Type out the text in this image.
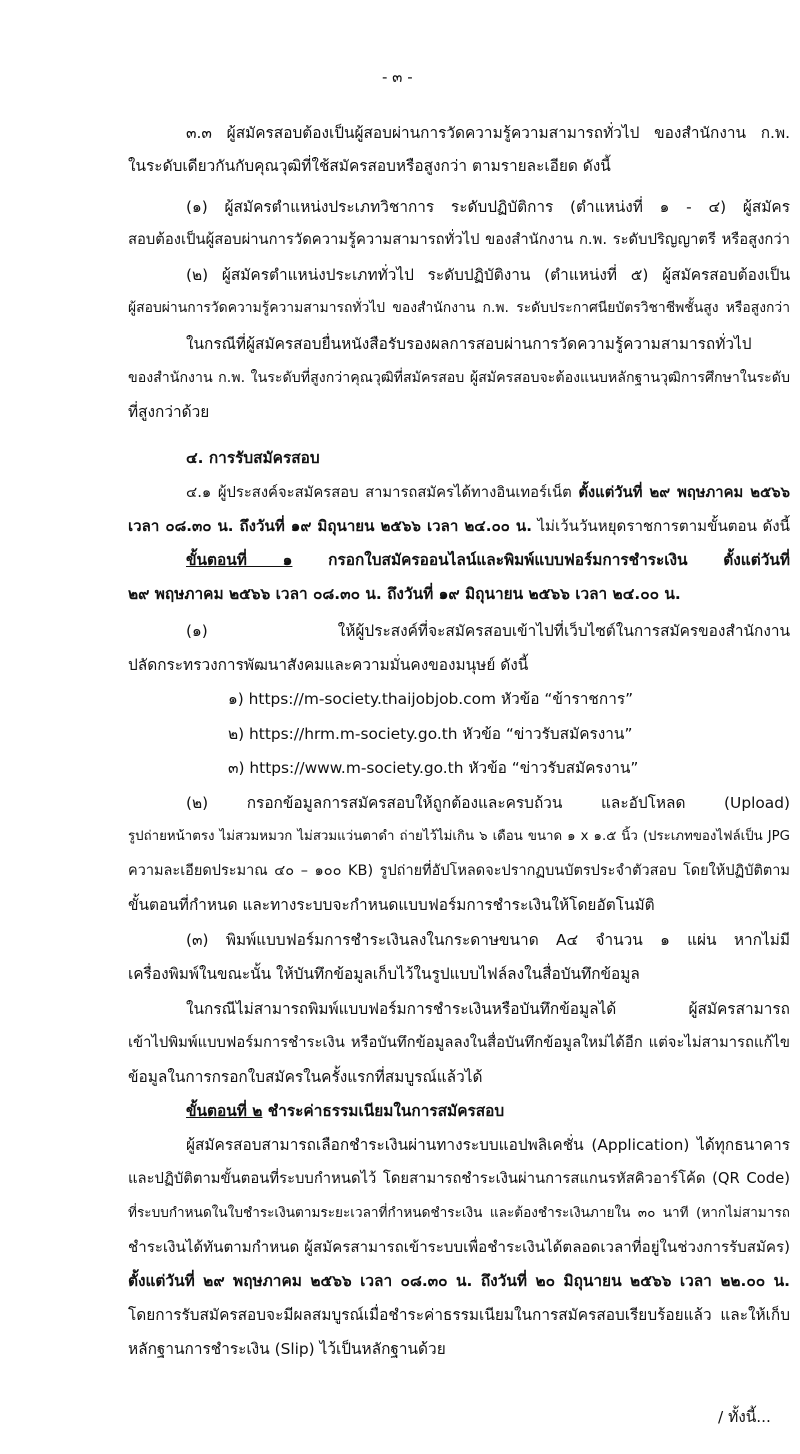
- ๓ -
๓.๓ ผู้สมัครสอบต้องเป็นผู้สอบผ่านการวัดความรู้ความสามารถทั่วไป ของสำนักงาน ก.พ.
ในระดับเดียวกันกับคุณวุฒิที่ใช้สมัครสอบหรือสูงกว่า ตามรายละเอียด ดังนี้
(๑) ผู้สมัครตำแหน่งประเภทวิชาการ ระดับปฏิบัติการ (ตำแหน่งที่ ๑ - ๔) ผู้สมัคร
สอบต้องเป็นผู้สอบผ่านการวัดความรู้ความสามารถทั่วไป ของสำนักงาน ก.พ. ระดับปริญญาตรี หรือสูงกว่า
(๒) ผู้สมัครตำแหน่งประเภททั่วไป ระดับปฏิบัติงาน (ตำแหน่งที่ ๕) ผู้สมัครสอบต้องเป็น
ผู้สอบผ่านการวัดความรู้ความสามารถทั่วไป ของสำนักงาน ก.พ. ระดับประกาศนียบัตรวิชาชีพชั้นสูง หรือสูงกว่า
ในกรณีที่ผู้สมัครสอบยื่นหนังสือรับรองผลการสอบผ่านการวัดความรู้ความสามารถทั่วไป
ของสำนักงาน ก.พ. ในระดับที่สูงกว่าคุณวุฒิที่สมัครสอบ ผู้สมัครสอบจะต้องแนบหลักฐานวุฒิการศึกษาในระดับ
ที่สูงกว่าด้วย
๔. การรับสมัครสอบ
๔.๑ ผู้ประสงค์จะสมัครสอบ สามารถสมัครได้ทางอินเทอร์เน็ต ตั้งแต่วันที่ ๒๙ พฤษภาคม ๒๕๖๖
เวลา ๐๘.๓๐ น. ถึงวันที่ ๑๙ มิถุนายน ๒๕๖๖ เวลา ๒๔.๐๐ น. ไม่เว้นวันหยุดราชการตามขั้นตอน ดังนี้
ขั้นตอนที่ ๑ กรอกใบสมัครออนไลน์และพิมพ์แบบฟอร์มการชำระเงิน ตั้งแต่วันที่
๒๙ พฤษภาคม ๒๕๖๖ เวลา ๐๘.๓๐ น. ถึงวันที่ ๑๙ มิถุนายน ๒๕๖๖ เวลา ๒๔.๐๐ น.
(๑) ให้ผู้ประสงค์ที่จะสมัครสอบเข้าไปที่เว็บไซต์ในการสมัครของสำนักงาน
ปลัดกระทรวงการพัฒนาสังคมและความมั่นคงของมนุษย์ ดังนี้
๑) https://m-society.thaijobjob.com หัวข้อ “ข้าราชการ”
๒) https://hrm.m-society.go.th หัวข้อ “ข่าวรับสมัครงาน”
๓) https://www.m-society.go.th หัวข้อ “ข่าวรับสมัครงาน”
(๒) กรอกข้อมูลการสมัครสอบให้ถูกต้องและครบถ้วน และอัปโหลด (Upload)
รูปถ่ายหน้าตรง ไม่สวมหมวก ไม่สวมแว่นตาดำ ถ่ายไว้ไม่เกิน ๖ เดือน ขนาด ๑ x ๑.๕ นิ้ว (ประเภทของไฟล์เป็น JPG
ความละเอียดประมาณ ๔๐ – ๑๐๐ KB) รูปถ่ายที่อัปโหลดจะปรากฏบนบัตรประจำตัวสอบ โดยให้ปฏิบัติตาม
ขั้นตอนที่กำหนด และทางระบบจะกำหนดแบบฟอร์มการชำระเงินให้โดยอัตโนมัติ
(๓) พิมพ์แบบฟอร์มการชำระเงินลงในกระดาษขนาด A๔ จำนวน ๑ แผ่น หากไม่มี
เครื่องพิมพ์ในขณะนั้น ให้บันทึกข้อมูลเก็บไว้ในรูปแบบไฟล์ลงในสื่อบันทึกข้อมูล
ในกรณีไม่สามารถพิมพ์แบบฟอร์มการชำระเงินหรือบันทึกข้อมูลได้ ผู้สมัครสามารถ
เข้าไปพิมพ์แบบฟอร์มการชำระเงิน หรือบันทึกข้อมูลลงในสื่อบันทึกข้อมูลใหม่ได้อีก แต่จะไม่สามารถแก้ไข
ข้อมูลในการกรอกใบสมัครในครั้งแรกที่สมบูรณ์แล้วได้
ขั้นตอนที่ ๒ ชำระค่าธรรมเนียมในการสมัครสอบ
ผู้สมัครสอบสามารถเลือกชำระเงินผ่านทางระบบแอปพลิเคชั่น (Application) ได้ทุกธนาคาร
และปฏิบัติตามขั้นตอนที่ระบบกำหนดไว้ โดยสามารถชำระเงินผ่านการสแกนรหัสคิวอาร์โค้ด (QR Code)
ที่ระบบกำหนดในใบชำระเงินตามระยะเวลาที่กำหนดชำระเงิน และต้องชำระเงินภายใน ๓๐ นาที (หากไม่สามารถ
ชำระเงินได้ทันตามกำหนด ผู้สมัครสามารถเข้าระบบเพื่อชำระเงินได้ตลอดเวลาที่อยู่ในช่วงการรับสมัคร)
ตั้งแต่วันที่ ๒๙ พฤษภาคม ๒๕๖๖ เวลา ๐๘.๓๐ น. ถึงวันที่ ๒๐ มิถุนายน ๒๕๖๖ เวลา ๒๒.๐๐ น.
โดยการรับสมัครสอบจะมีผลสมบูรณ์เมื่อชำระค่าธรรมเนียมในการสมัครสอบเรียบร้อยแล้ว และให้เก็บ
หลักฐานการชำระเงิน (Slip) ไว้เป็นหลักฐานด้วย
/ ทั้งนี้...
